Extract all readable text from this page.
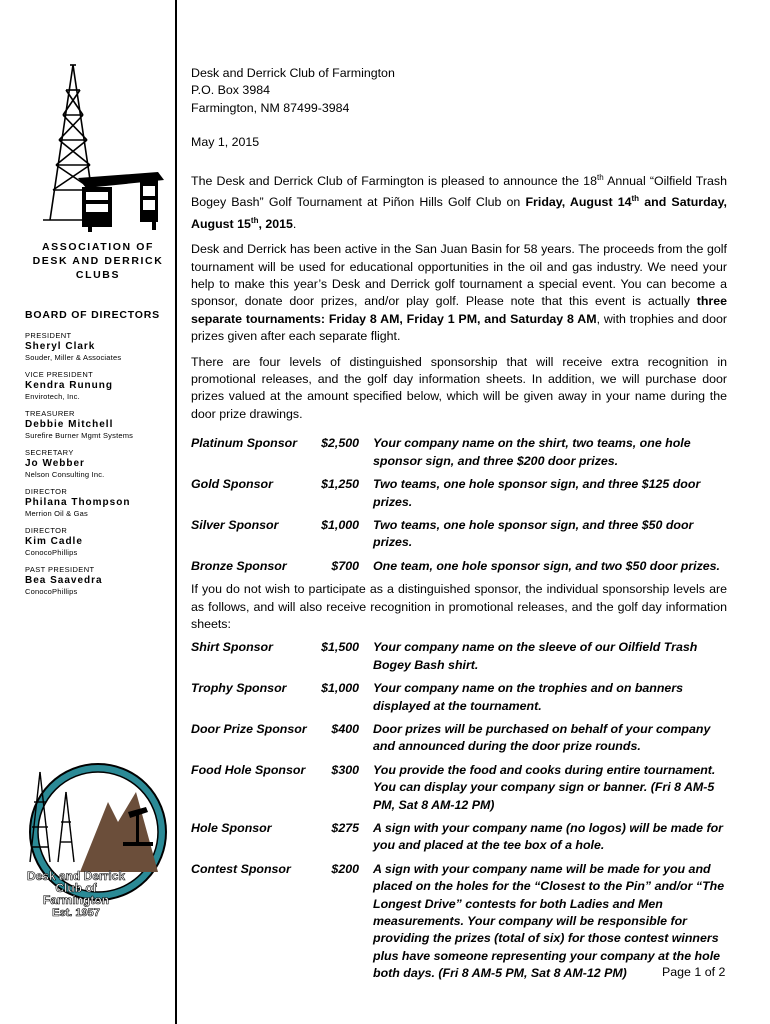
ASSOCIATION OF
DESK AND DERRICK
CLUBS
BOARD OF DIRECTORS
PRESIDENT
Sheryl Clark
Souder, Miller & Associates
VICE PRESIDENT
Kendra Runung
Envirotech, Inc.
TREASURER
Debbie Mitchell
Surefire Burner Mgmt Systems
SECRETARY
Jo Webber
Nelson Consulting Inc.
DIRECTOR
Philana Thompson
Merrion Oil & Gas
DIRECTOR
Kim Cadle
ConocoPhillips
PAST PRESIDENT
Bea Saavedra
ConocoPhillips
Desk and Derrick
Club of
Farmington
Est. 1957
Desk and Derrick Club of Farmington
P.O. Box 3984
Farmington, NM 87499-3984
May 1, 2015
The Desk and Derrick Club of Farmington is pleased to announce the 18th Annual “Oilfield Trash Bogey Bash” Golf Tournament at Piñon Hills Golf Club on Friday, August 14th and Saturday, August 15th, 2015.
Desk and Derrick has been active in the San Juan Basin for 58 years. The proceeds from the golf tournament will be used for educational opportunities in the oil and gas industry. We need your help to make this year’s Desk and Derrick golf tournament a special event. You can become a sponsor, donate door prizes, and/or play golf. Please note that this event is actually three separate tournaments: Friday 8 AM, Friday 1 PM, and Saturday 8 AM, with trophies and door prizes given after each separate flight.
There are four levels of distinguished sponsorship that will receive extra recognition in promotional releases, and the golf day information sheets. In addition, we will purchase door prizes valued at the amount specified below, which will be given away in your name during the door prize drawings.
Platinum Sponsor	$2,500 Your company name on the shirt, two teams, one hole sponsor sign, and three $200 door prizes.
Gold Sponsor	$1,250 Two teams, one hole sponsor sign, and three $125 door prizes.
Silver Sponsor	$1,000 Two teams, one hole sponsor sign, and three $50 door prizes.
Bronze Sponsor	$700 One team, one hole sponsor sign, and two $50 door prizes.
If you do not wish to participate as a distinguished sponsor, the individual sponsorship levels are as follows, and will also receive recognition in promotional releases, and the golf day information sheets:
Shirt Sponsor	$1,500 Your company name on the sleeve of our Oilfield Trash Bogey Bash shirt.
Trophy Sponsor	$1,000 Your company name on the trophies and on banners displayed at the tournament.
Door Prize Sponsor	$400 Door prizes will be purchased on behalf of your company and announced during the door prize rounds.
Food Hole Sponsor	$300 You provide the food and cooks during entire tournament. You can display your company sign or banner. (Fri 8 AM-5 PM, Sat 8 AM-12 PM)
Hole Sponsor	$275 A sign with your company name (no logos) will be made for you and placed at the tee box of a hole.
Contest Sponsor	$200 A sign with your company name will be made for you and placed on the holes for the “Closest to the Pin” and/or “The Longest Drive” contests for both Ladies and Men measurements. Your company will be responsible for providing the prizes (total of six) for those contest winners plus have someone representing your company at the hole both days. (Fri 8 AM-5 PM, Sat 8 AM-12 PM)	Page 1 of 2
